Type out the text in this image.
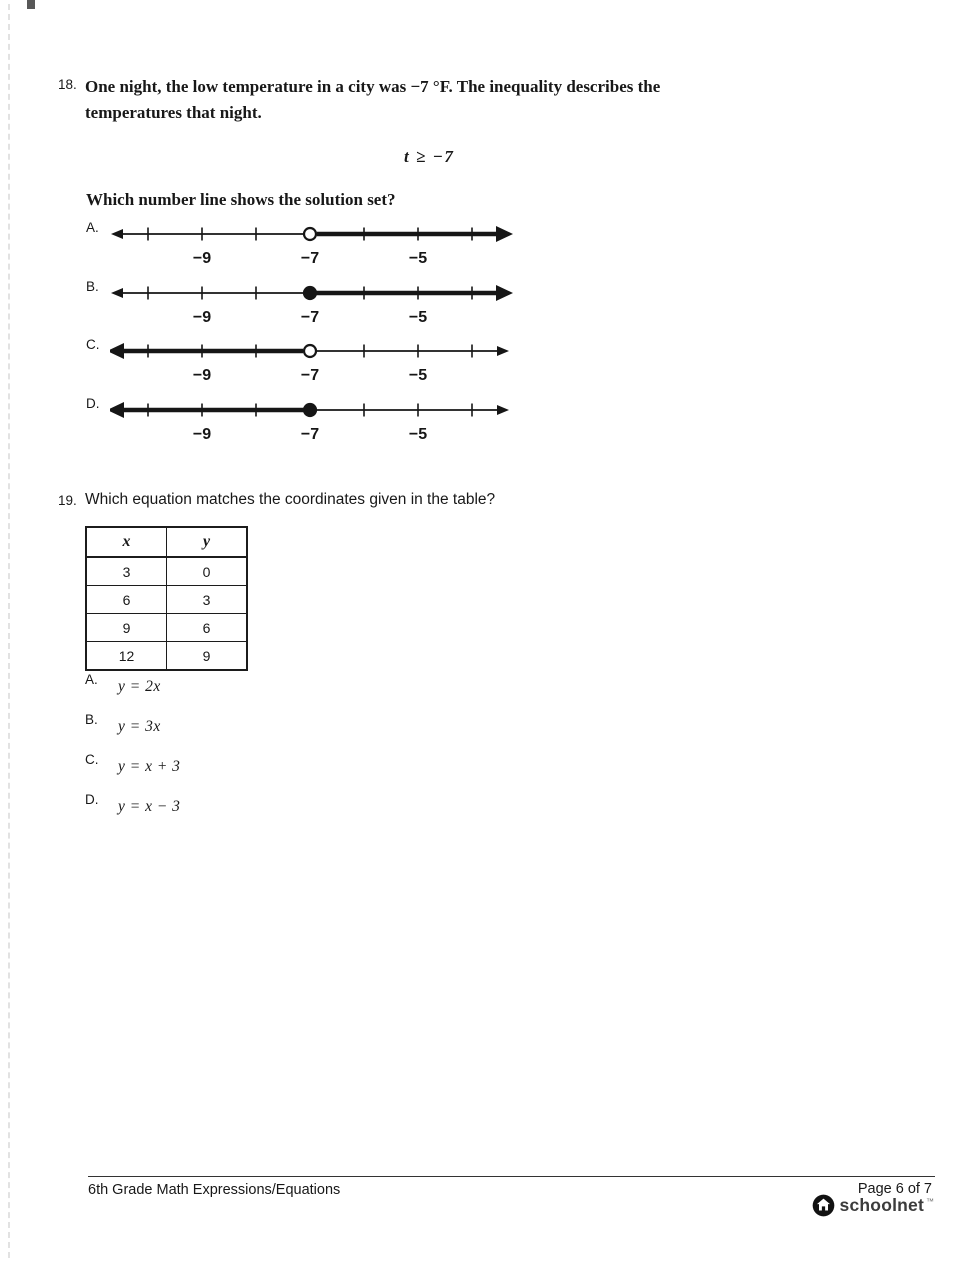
18. One night, the low temperature in a city was −7 °F. The inequality describes the temperatures that night.
t ≥ −7
Which number line shows the solution set?
A.
−9	−7	−5
B.
−9	−7	−5
C.
−9	−7	−5
D.
−9	−7	−5
19. Which equation matches the coordinates given in the table?
x	y
3	0
6	3
9	6
12	9
A. y = 2x
B. y = 3x
C. y = x + 3
D. y = x − 3
6th Grade Math Expressions/Equations	Page 6 of 7
schoolnet ™
